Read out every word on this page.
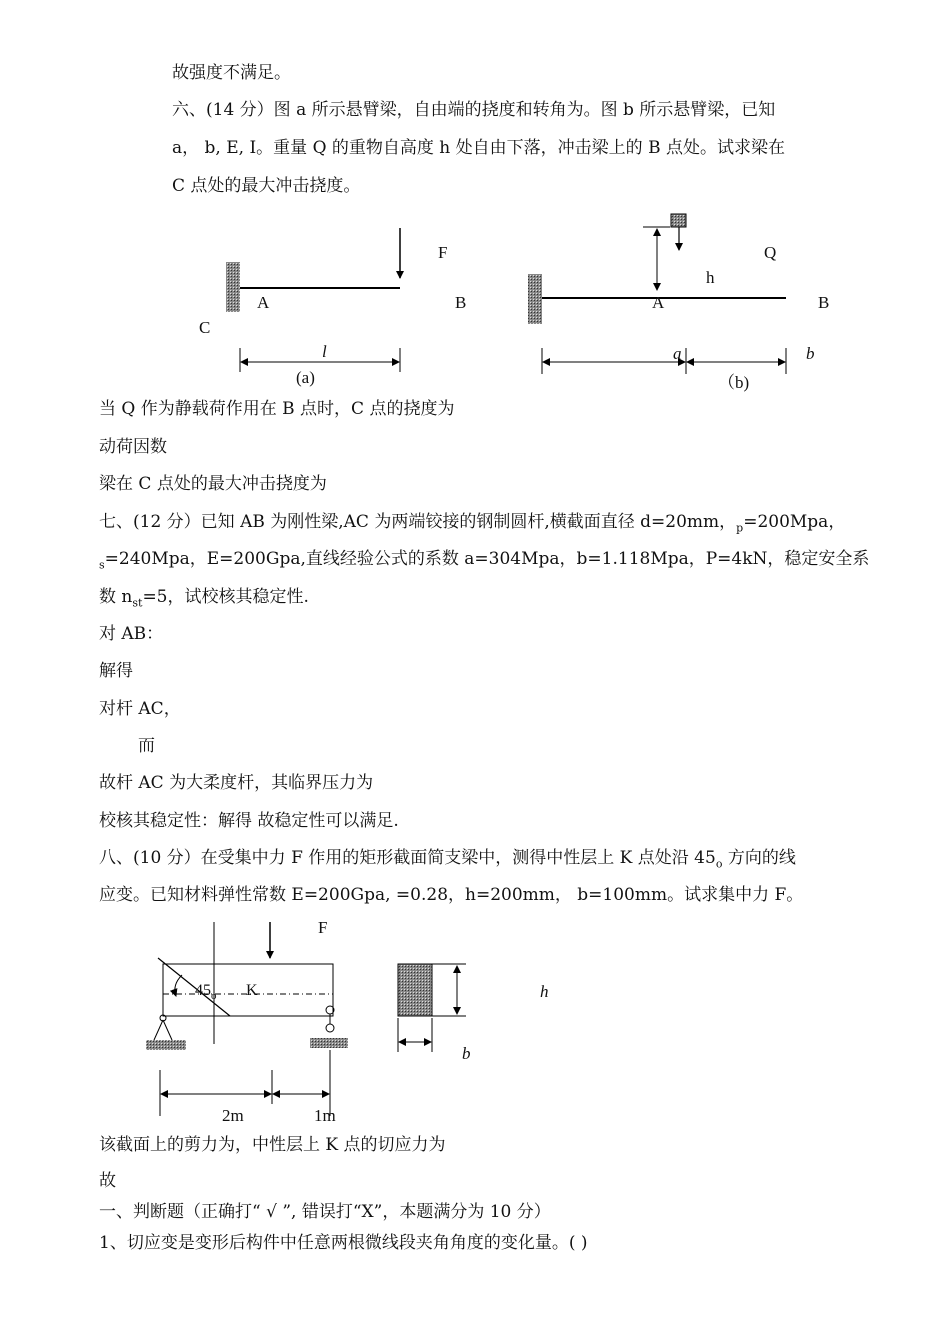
故强度不满足。
六、(14 分）图 a 所示悬臂梁，自由端的挠度和转角为。图 b 所示悬臂梁，已知
a， b, E, I。重量 Q 的重物自高度 h 处自由下落，冲击梁上的 B 点处。试求梁在
C 点处的最大冲击挠度。
F	Q
h
A	B
C
A	B
l	a	b
(a)	（b)
当 Q 作为静载荷作用在 B 点时，C 点的挠度为
动荷因数
梁在 C 点处的最大冲击挠度为
七、(12 分）已知 AB 为刚性梁,AC 为两端铰接的钢制圆杆,横截面直径 d=20mm，$_p$=200Mpa，
$_s$=240Mpa，E=200Gpa,直线经验公式的系数 a=304Mpa，b=1.118Mpa，P=4kN，稳定安全系
数 $n_{st}=5$，试校核其稳定性.
对 AB：
解得
对杆 AC，
而
故杆 AC 为大柔度杆，其临界压力为
校核其稳定性：解得 故稳定性可以满足.
八、(10 分）在受集中力 F 作用的矩形截面简支梁中，测得中性层上 K 点处沿 $45_o$ 方向的线
应变。已知材料弹性常数 E=200Gpa, =0.28，h=200mm， b=100mm。试求集中力 F。
F
$45_o$ K	h
b
2m	1m
该截面上的剪力为，中性层上 K 点的切应力为
故
一、判断题（正确打“ √ ”, 错误打“X”，本题满分为 10 分）
1、切应变是变形后构件中任意两根微线段夹角角度的变化量。( )
